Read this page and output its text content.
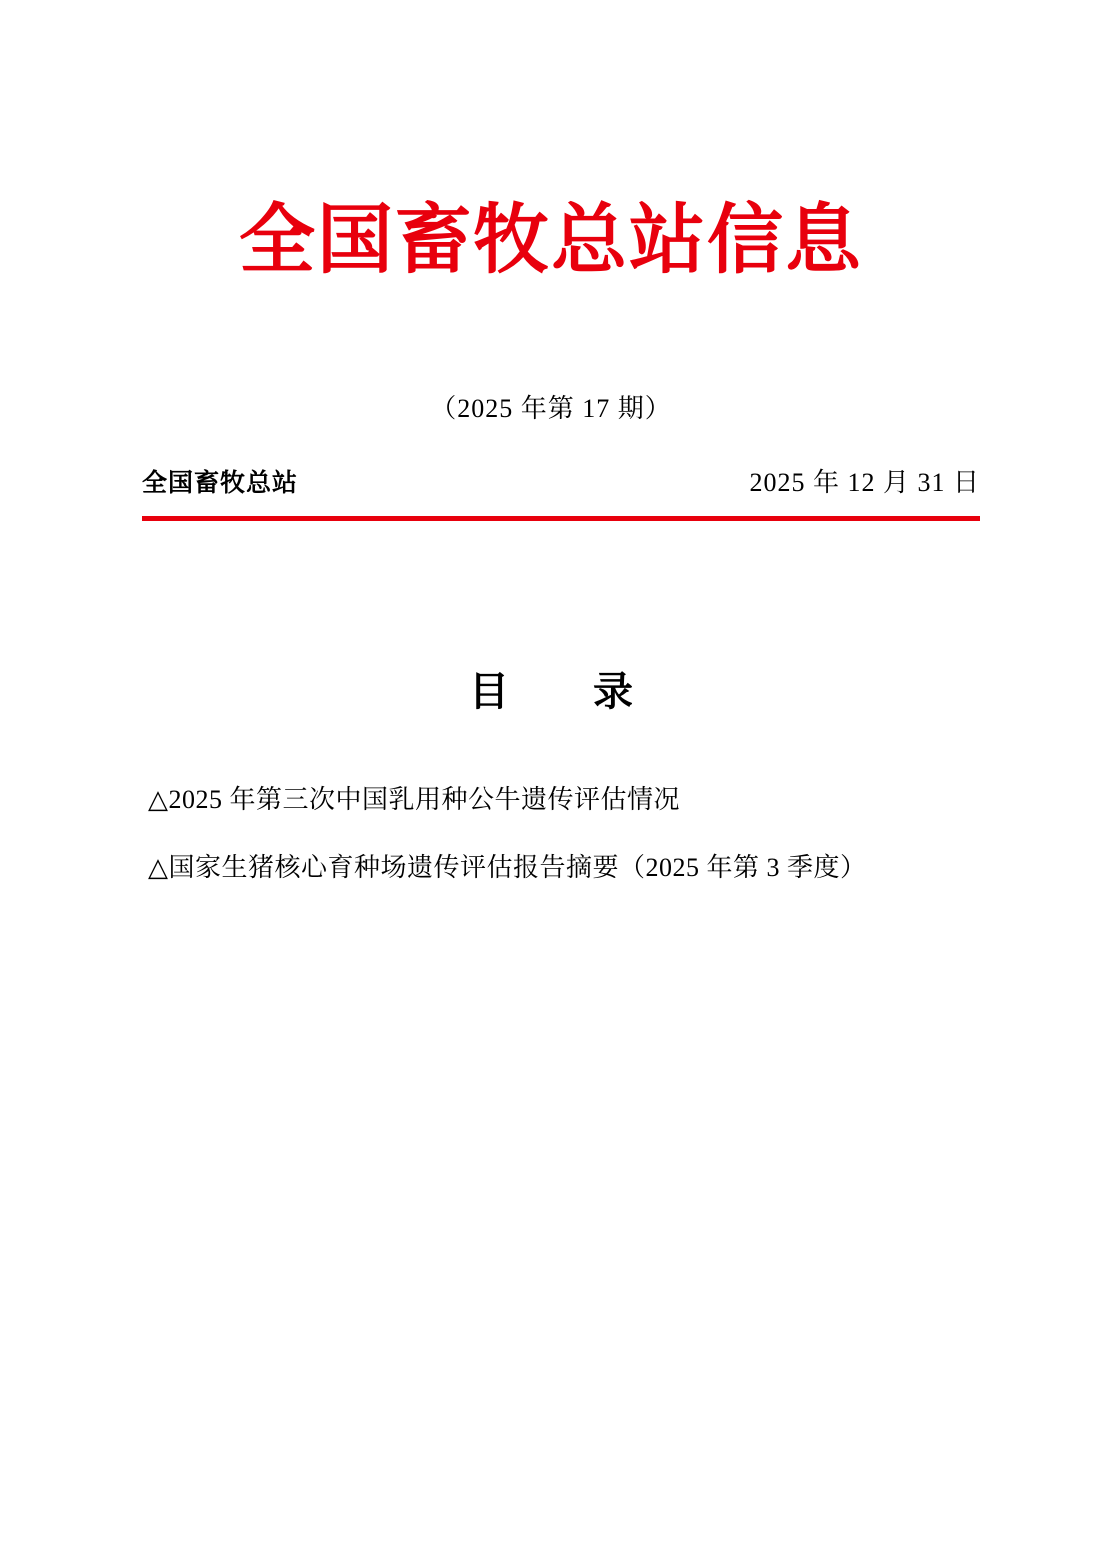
全国畜牧总站信息
（2025 年第 17 期）
全国畜牧总站	2025 年 12 月 31 日
目　录
△2025 年第三次中国乳用种公牛遗传评估情况
△国家生猪核心育种场遗传评估报告摘要（2025 年第 3 季度）
